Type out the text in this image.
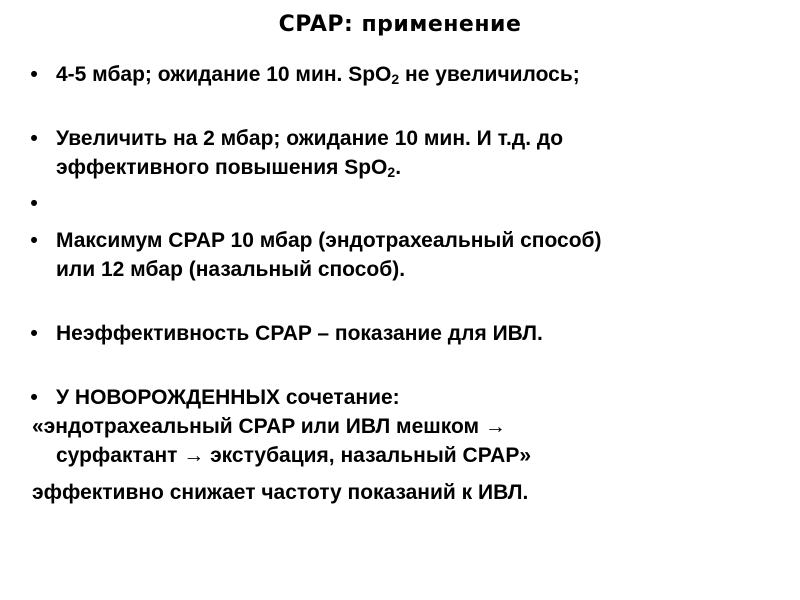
CPAP: применение
• 4-5 мбар; ожидание 10 мин. SpO$_2$ не увеличилось;
• Увеличить на 2 мбар; ожидание 10 мин. И т.д. до
эффективного повышения SpO$_2$.
•

• Максимум CPAP 10 мбар (эндотрахеальный способ)
или 12 мбар (назальный способ).
• Неэффективность CPAP – показание для ИВЛ.
• У НОВОРОЖДЕННЫХ сочетание:
«эндотрахеальный CPAP или ИВЛ мешком →
сурфактант → экстубация, назальный CPAP»
эффективно снижает частоту показаний к ИВЛ.
